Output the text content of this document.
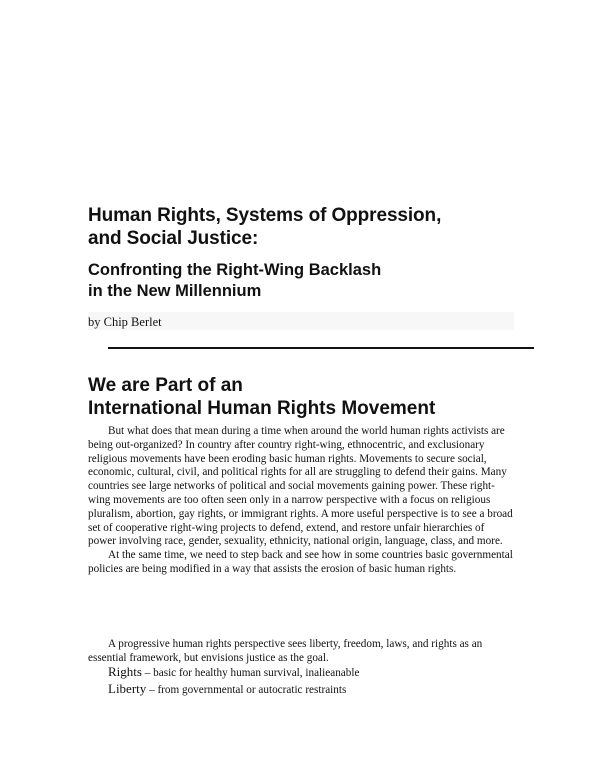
Human Rights, Systems of Oppression,
and Social Justice:
Confronting the Right-Wing Backlash
in the New Millennium
by Chip Berlet
We are Part of an
International Human Rights Movement

But what does that mean during a time when around the world human rights activists are being out-organized? In country after country right-wing, ethnocentric, and exclusionary religious movements have been eroding basic human rights. Movements to secure social, economic, cultural, civil, and political rights for all are struggling to defend their gains. Many countries see large networks of political and social movements gaining power. These right-wing movements are too often seen only in a narrow perspective with a focus on religious pluralism, abortion, gay rights, or immigrant rights. A more useful perspective is to see a broad set of cooperative right-wing projects to defend, extend, and restore unfair hierarchies of power involving race, gender, sexuality, ethnicity, national origin, language, class, and more.

At the same time, we need to step back and see how in some countries basic governmental policies are being modified in a way that assists the erosion of basic human rights.

A progressive human rights perspective sees liberty, freedom, laws, and rights as an essential framework, but envisions justice as the goal.

Rights – basic for healthy human survival, inalieanable
Liberty – from governmental or autocratic restraints
